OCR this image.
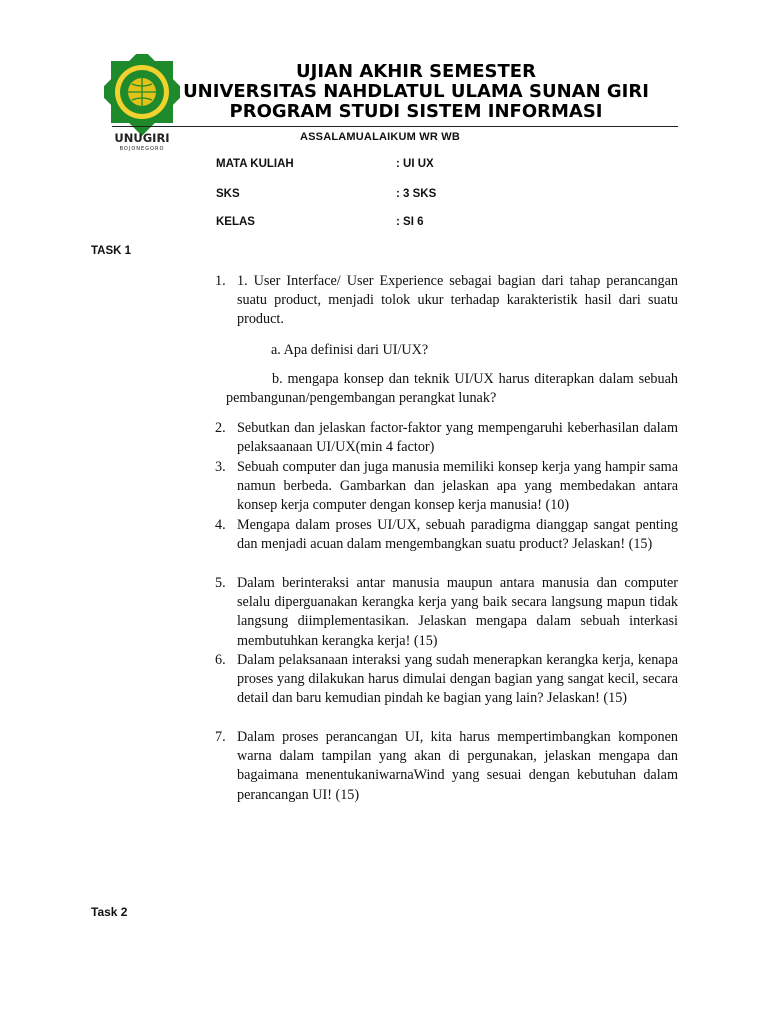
UNUGIRI
BOJONEGORO
UJIAN AKHIR SEMESTER
UNIVERSITAS NAHDLATUL ULAMA SUNAN GIRI
PROGRAM STUDI SISTEM INFORMASI
ASSALAMUALAIKUM WR WB
MATA KULIAH	: UI UX
SKS	: 3 SKS
KELAS	: SI 6
TASK 1
1. 1. User Interface/ User Experience sebagai bagian dari tahap perancangan suatu product, menjadi tolok ukur terhadap karakteristik hasil dari suatu product.
a. Apa definisi dari UI/UX?
b. mengapa konsep dan teknik UI/UX harus diterapkan dalam sebuah pembangunan/pengembangan perangkat lunak?
2. Sebutkan dan jelaskan factor-faktor yang mempengaruhi keberhasilan dalam pelaksaanaan UI/UX(min 4 factor)
3. Sebuah computer dan juga manusia memiliki konsep kerja yang hampir sama namun berbeda. Gambarkan dan jelaskan apa yang membedakan antara konsep kerja computer dengan konsep kerja manusia! (10)
4. Mengapa dalam proses UI/UX, sebuah paradigma dianggap sangat penting dan menjadi acuan dalam mengembangkan suatu product? Jelaskan! (15)
5. Dalam berinteraksi antar manusia maupun antara manusia dan computer selalu diperguanakan kerangka kerja yang baik secara langsung mapun tidak langsung diimplementasikan. Jelaskan mengapa dalam sebuah interkasi membutuhkan kerangka kerja! (15)
6. Dalam pelaksanaan interaksi yang sudah menerapkan kerangka kerja, kenapa proses yang dilakukan harus dimulai dengan bagian yang sangat kecil, secara detail dan baru kemudian pindah ke bagian yang lain? Jelaskan! (15)
7. Dalam proses perancangan UI, kita harus mempertimbangkan komponen warna dalam tampilan yang akan di pergunakan, jelaskan mengapa dan bagaimana menentukaniwarnaWind yang sesuai dengan kebutuhan dalam perancangan UI! (15)
Task 2
